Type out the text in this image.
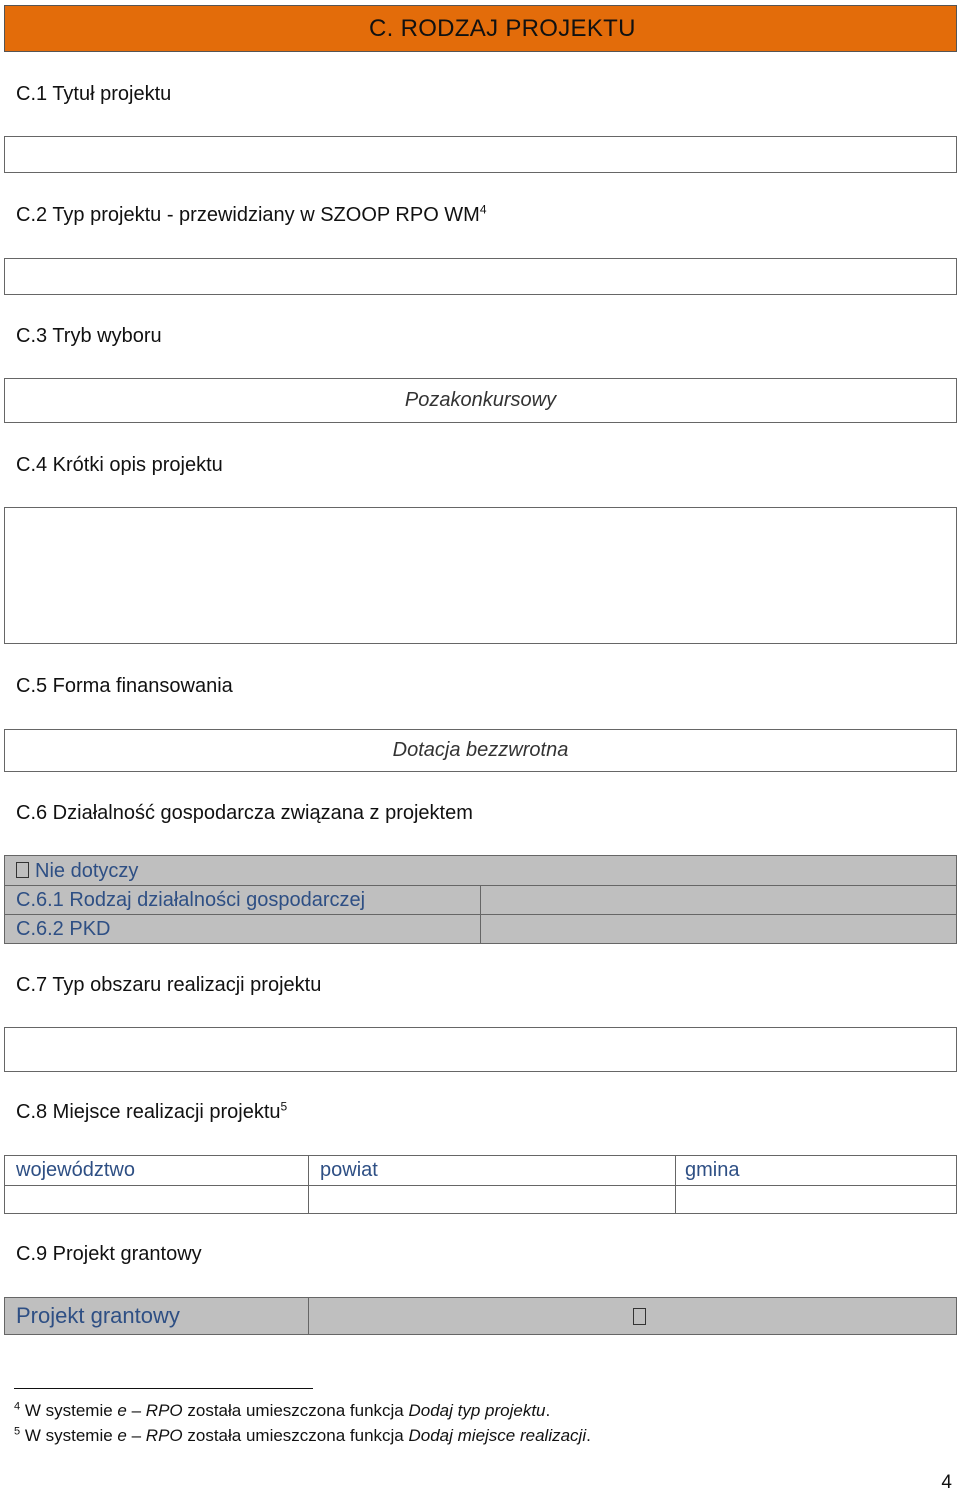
C. RODZAJ PROJEKTU
C.1 Tytuł projektu
C.2 Typ projektu - przewidziany w SZOOP RPO $WM^4$
C.3 Tryb wyboru
Pozakonkursowy
C.4 Krótki opis projektu
C.5 Forma finansowania
Dotacja bezzwrotna
C.6 Działalność gospodarcza związana z projektem
Nie dotyczy
C.6.1 Rodzaj działalności gospodarczej
C.6.2 PKD
C.7 Typ obszaru realizacji projektu
C.8 Miejsce realizacji projektu$^5$
województwo	powiat	gmina
C.9 Projekt grantowy
Projekt grantowy
$^4$ W systemie e – RPO została umieszczona funkcja Dodaj typ projektu.
$^5$ W systemie e – RPO została umieszczona funkcja Dodaj miejsce realizacji.
4
